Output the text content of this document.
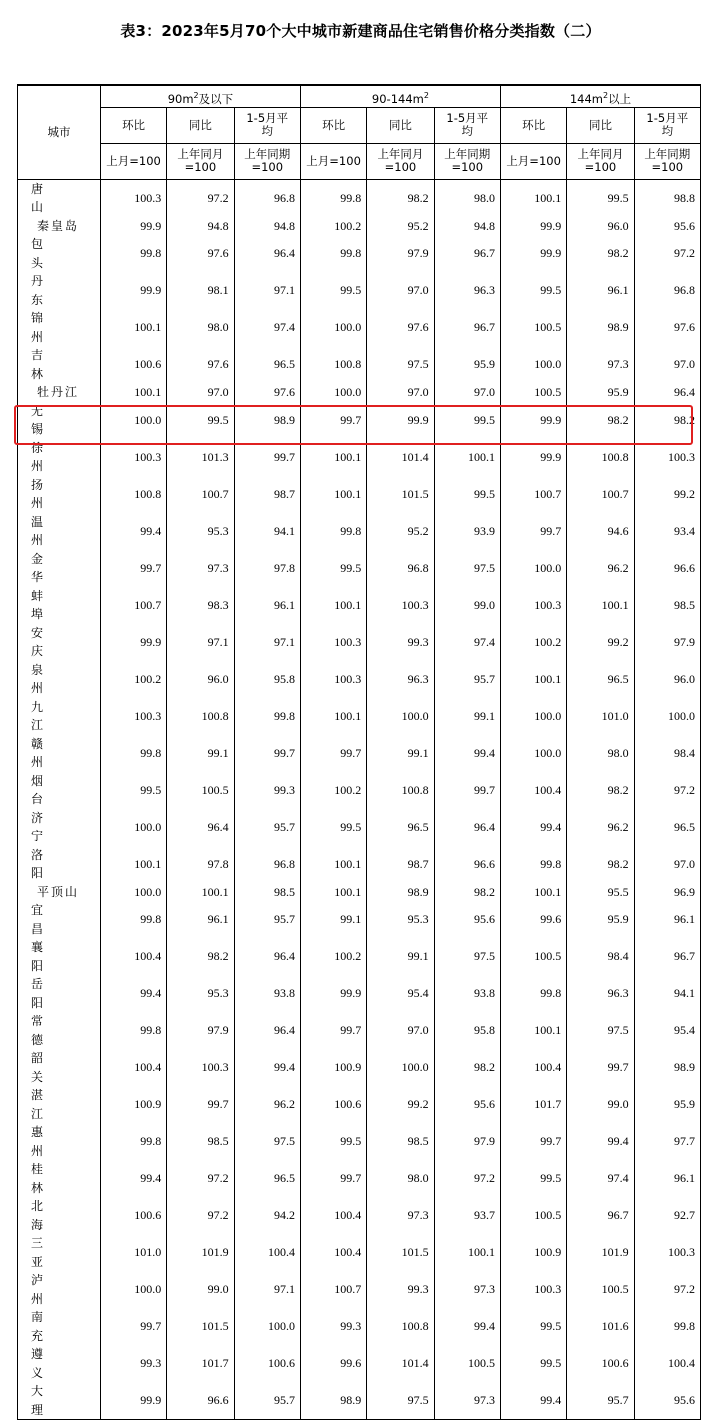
表3：2023年5月70个大中城市新建商品住宅销售价格分类指数（二）
城市	$90m^2$及以下			$90-144m^2$			$144m^2$以上		
	环比	同比	1-5月平均	环比	同比	1-5月平均	环比	同比	1-5月平均
	上月=100	上年同月=100	上年同期=100	上月=100	上年同月=100	上年同期=100	上月=100	上年同月=100	上年同期=100
唐山	100.3	97.2	96.8	99.8	98.2	98.0	100.1	99.5	98.8
秦皇岛	99.9	94.8	94.8	100.2	95.2	94.8	99.9	96.0	95.6
包头	99.8	97.6	96.4	99.8	97.9	96.7	99.9	98.2	97.2
丹东	99.9	98.1	97.1	99.5	97.0	96.3	99.5	96.1	96.8
锦州	100.1	98.0	97.4	100.0	97.6	96.7	100.5	98.9	97.6
吉林	100.6	97.6	96.5	100.8	97.5	95.9	100.0	97.3	97.0
牡丹江	100.1	97.0	97.6	100.0	97.0	97.0	100.5	95.9	96.4
无锡	100.0	99.5	98.9	99.7	99.9	99.5	99.9	98.2	98.2
徐州	100.3	101.3	99.7	100.1	101.4	100.1	99.9	100.8	100.3
扬州	100.8	100.7	98.7	100.1	101.5	99.5	100.7	100.7	99.2
温州	99.4	95.3	94.1	99.8	95.2	93.9	99.7	94.6	93.4
金华	99.7	97.3	97.8	99.5	96.8	97.5	100.0	96.2	96.6
蚌埠	100.7	98.3	96.1	100.1	100.3	99.0	100.3	100.1	98.5
安庆	99.9	97.1	97.1	100.3	99.3	97.4	100.2	99.2	97.9
泉州	100.2	96.0	95.8	100.3	96.3	95.7	100.1	96.5	96.0
九江	100.3	100.8	99.8	100.1	100.0	99.1	100.0	101.0	100.0
赣州	99.8	99.1	99.7	99.7	99.1	99.4	100.0	98.0	98.4
烟台	99.5	100.5	99.3	100.2	100.8	99.7	100.4	98.2	97.2
济宁	100.0	96.4	95.7	99.5	96.5	96.4	99.4	96.2	96.5
洛阳	100.1	97.8	96.8	100.1	98.7	96.6	99.8	98.2	97.0
平顶山	100.0	100.1	98.5	100.1	98.9	98.2	100.1	95.5	96.9
宜昌	99.8	96.1	95.7	99.1	95.3	95.6	99.6	95.9	96.1
襄阳	100.4	98.2	96.4	100.2	99.1	97.5	100.5	98.4	96.7
岳阳	99.4	95.3	93.8	99.9	95.4	93.8	99.8	96.3	94.1
常德	99.8	97.9	96.4	99.7	97.0	95.8	100.1	97.5	95.4
韶关	100.4	100.3	99.4	100.9	100.0	98.2	100.4	99.7	98.9
湛江	100.9	99.7	96.2	100.6	99.2	95.6	101.7	99.0	95.9
惠州	99.8	98.5	97.5	99.5	98.5	97.9	99.7	99.4	97.7
桂林	99.4	97.2	96.5	99.7	98.0	97.2	99.5	97.4	96.1
北海	100.6	97.2	94.2	100.4	97.3	93.7	100.5	96.7	92.7
三亚	101.0	101.9	100.4	100.4	101.5	100.1	100.9	101.9	100.3
泸州	100.0	99.0	97.1	100.7	99.3	97.3	100.3	100.5	97.2
南充	99.7	101.5	100.0	99.3	100.8	99.4	99.5	101.6	99.8
遵义	99.3	101.7	100.6	99.6	101.4	100.5	99.5	100.6	100.4
大理	99.9	96.6	95.7	98.9	97.5	97.3	99.4	95.7	95.6
